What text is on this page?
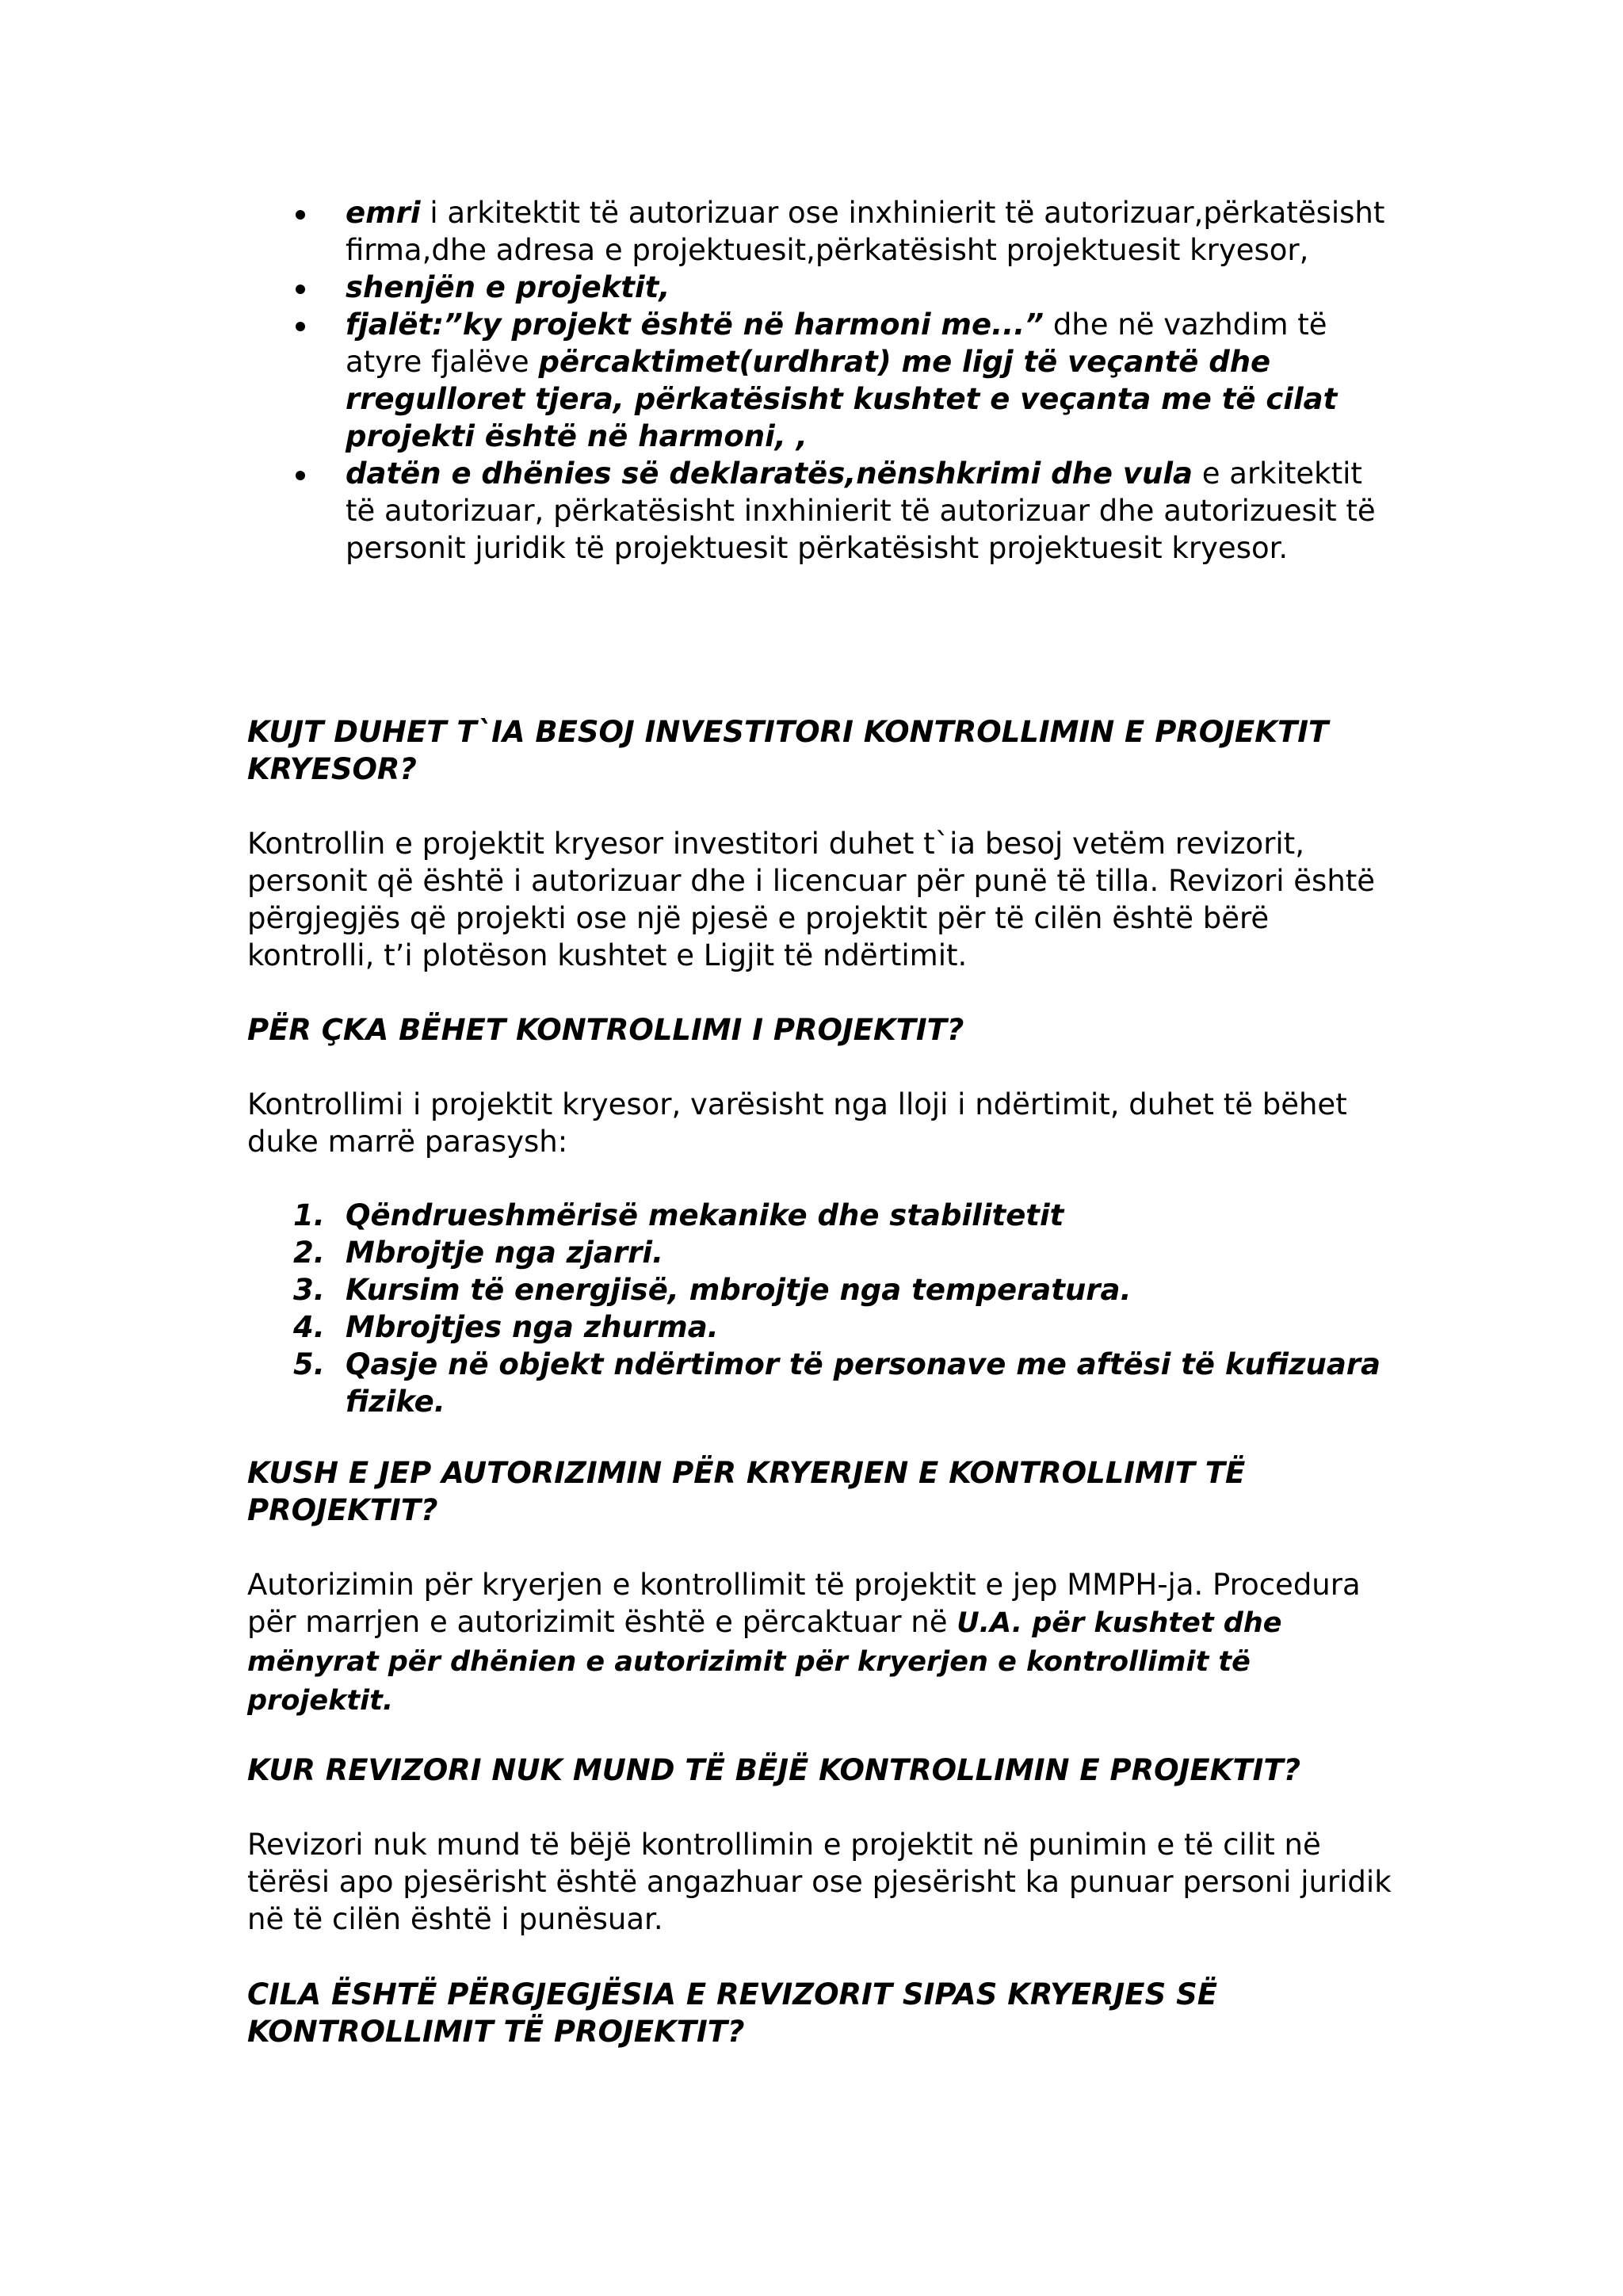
emri i arkitektit të autorizuar ose inxhinierit të autorizuar,përkatësisht firma,dhe adresa e projektuesit,përkatësisht projektuesit kryesor,
shenjën e projektit,
fjalët:”ky projekt është në harmoni me...” dhe në vazhdim të atyre fjalëve përcaktimet(urdhrat) me ligj të veçantë dhe rregulloret tjera, përkatësisht kushtet e veçanta me të cilat projekti është në harmoni, ,
datën e dhënies së deklaratës,nënshkrimi dhe vula e arkitektit të autorizuar, përkatësisht inxhinierit të autorizuar dhe autorizuesit të personit juridik të projektuesit përkatësisht projektuesit kryesor.

KUJT DUHET T`IA BESOJ INVESTITORI KONTROLLIMIN E PROJEKTIT KRYESOR?

Kontrollin e projektit kryesor investitori duhet t`ia besoj vetëm revizorit, personit që është i autorizuar dhe i licencuar për punë të tilla. Revizori është përgjegjës që projekti ose një pjesë e projektit për të cilën është bërë kontrolli, t’i plotëson kushtet e Ligjit të ndërtimit.

PËR ÇKA BËHET KONTROLLIMI I PROJEKTIT?

Kontrollimi i projektit kryesor, varësisht nga lloji i ndërtimit, duhet të bëhet duke marrë parasysh:

1. Qëndrueshmërisë mekanike dhe stabilitetit
2. Mbrojtje nga zjarri.
3. Kursim të energjisë, mbrojtje nga temperatura.
4. Mbrojtjes nga zhurma.
5. Qasje në objekt ndërtimor të personave me aftësi të kufizuara fizike.

KUSH E JEP AUTORIZIMIN PËR KRYERJEN E KONTROLLIMIT TË PROJEKTIT?

Autorizimin për kryerjen e kontrollimit të projektit e jep MMPH-ja. Procedura për marrjen e autorizimit është e përcaktuar në U.A. për kushtet dhe mënyrat për dhënien e autorizimit për kryerjen e kontrollimit të projektit.

KUR REVIZORI NUK MUND TË BËJË KONTROLLIMIN E PROJEKTIT?

Revizori nuk mund të bëjë kontrollimin e projektit në punimin e të cilit në tërësi apo pjesërisht është angazhuar ose pjesërisht ka punuar personi juridik në të cilën është i punësuar.

CILA ËSHTË PËRGJEGJËSIA E REVIZORIT SIPAS KRYERJES SË KONTROLLIMIT TË PROJEKTIT?
